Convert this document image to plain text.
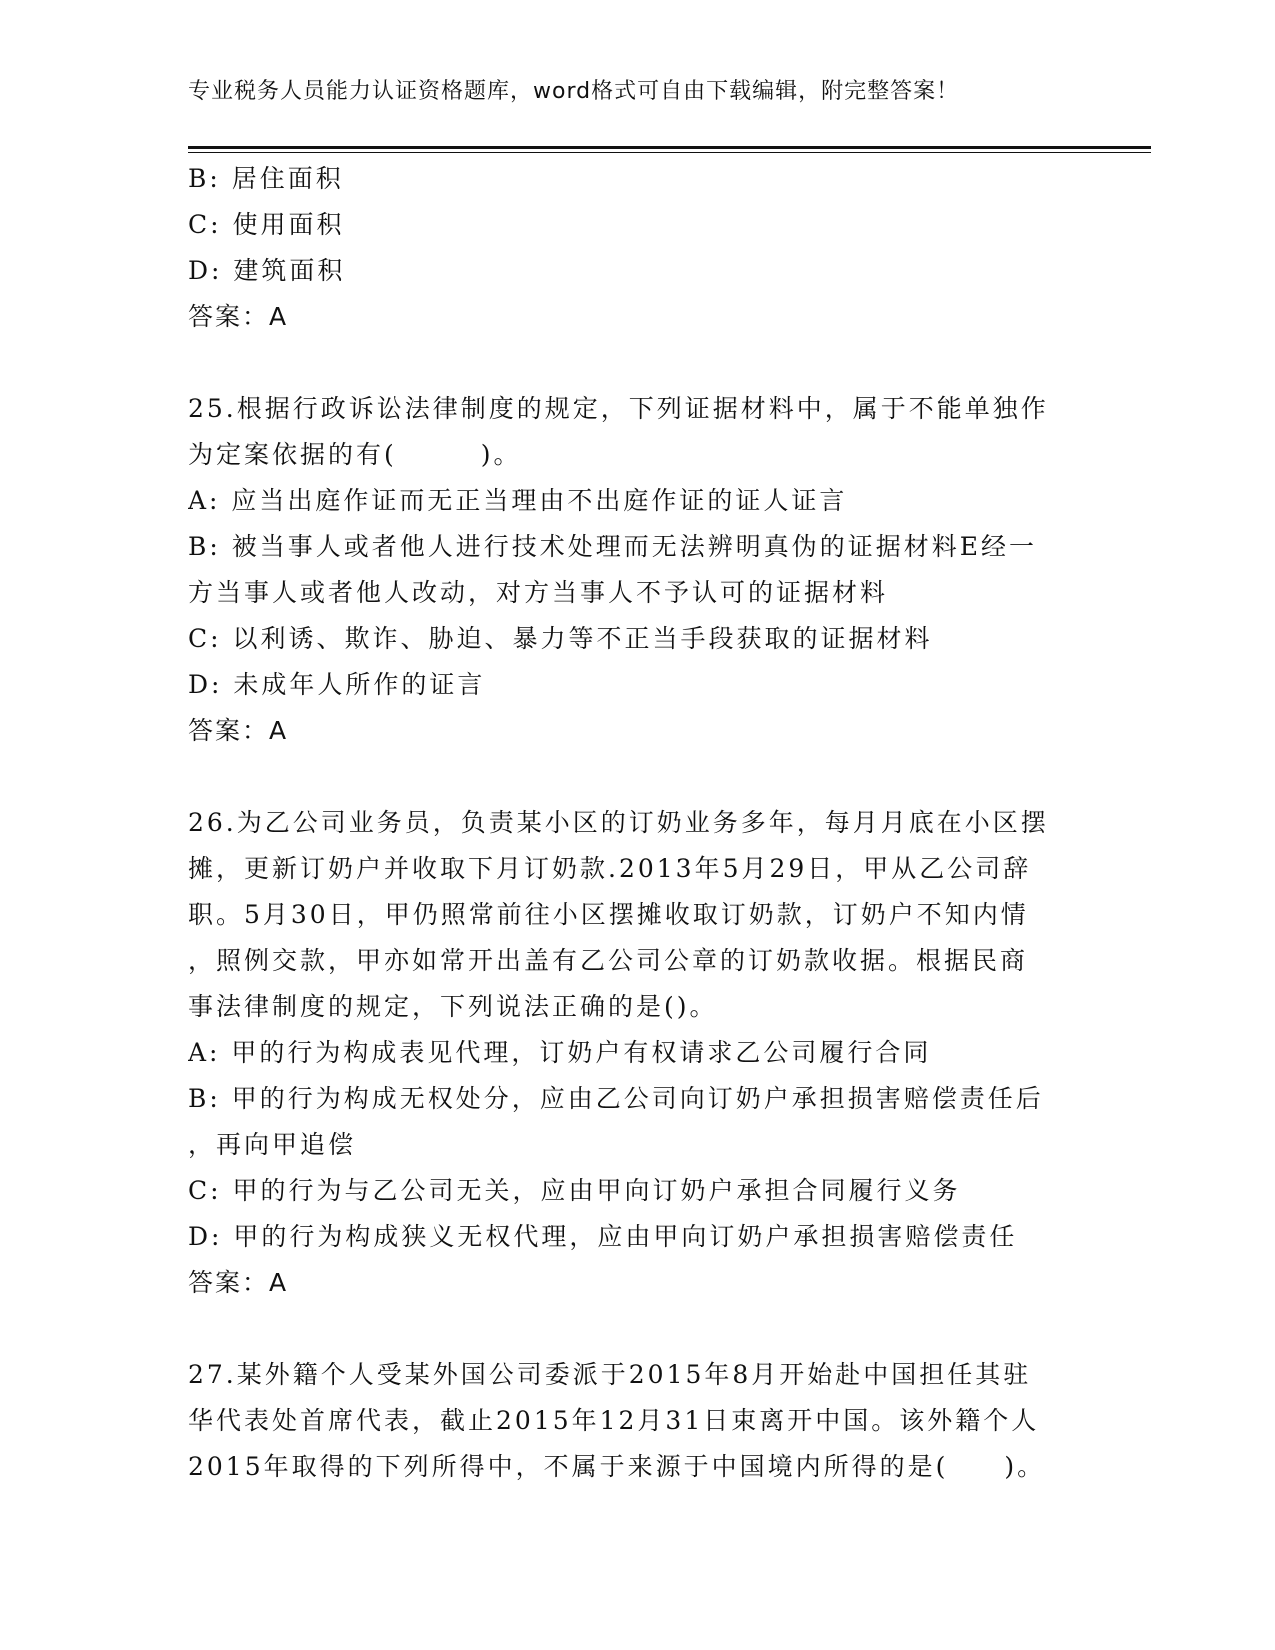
专业税务人员能力认证资格题库，word格式可自由下载编辑，附完整答案！
B: 居住面积
C: 使用面积
D: 建筑面积
答案：A
25.根据行政诉讼法律制度的规定，下列证据材料中，属于不能单独作
为定案依据的有(　　　)。
A: 应当出庭作证而无正当理由不出庭作证的证人证言
B: 被当事人或者他人进行技术处理而无法辨明真伪的证据材料E经一
方当事人或者他人改动，对方当事人不予认可的证据材料
C: 以利诱、欺诈、胁迫、暴力等不正当手段获取的证据材料
D: 未成年人所作的证言
答案：A
26.为乙公司业务员，负责某小区的订奶业务多年，每月月底在小区摆
摊，更新订奶户并收取下月订奶款.2013年5月29日，甲从乙公司辞
职。5月30日，甲仍照常前往小区摆摊收取订奶款，订奶户不知内情
，照例交款，甲亦如常开出盖有乙公司公章的订奶款收据。根据民商
事法律制度的规定，下列说法正确的是()。
A: 甲的行为构成表见代理，订奶户有权请求乙公司履行合同
B: 甲的行为构成无权处分，应由乙公司向订奶户承担损害赔偿责任后
，再向甲追偿
C: 甲的行为与乙公司无关，应由甲向订奶户承担合同履行义务
D: 甲的行为构成狭义无权代理，应由甲向订奶户承担损害赔偿责任
答案：A
27.某外籍个人受某外国公司委派于2015年8月开始赴中国担任其驻
华代表处首席代表，截止2015年12月31日束离开中国。该外籍个人
2015年取得的下列所得中，不属于来源于中国境内所得的是(　　)。
